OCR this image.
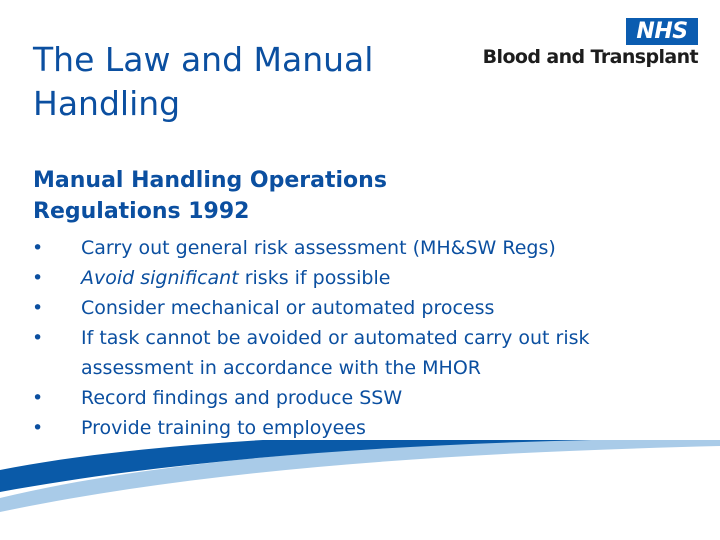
The Law and Manual Handling
NHS
Blood and Transplant
Manual Handling Operations Regulations 1992
• Carry out general risk assessment (MH&SW Regs)
• Avoid significant risks if possible
• Consider mechanical or automated process
• If task cannot be avoided or automated carry out risk assessment in accordance with the MHOR
• Record findings and produce SSW
• Provide training to employees
